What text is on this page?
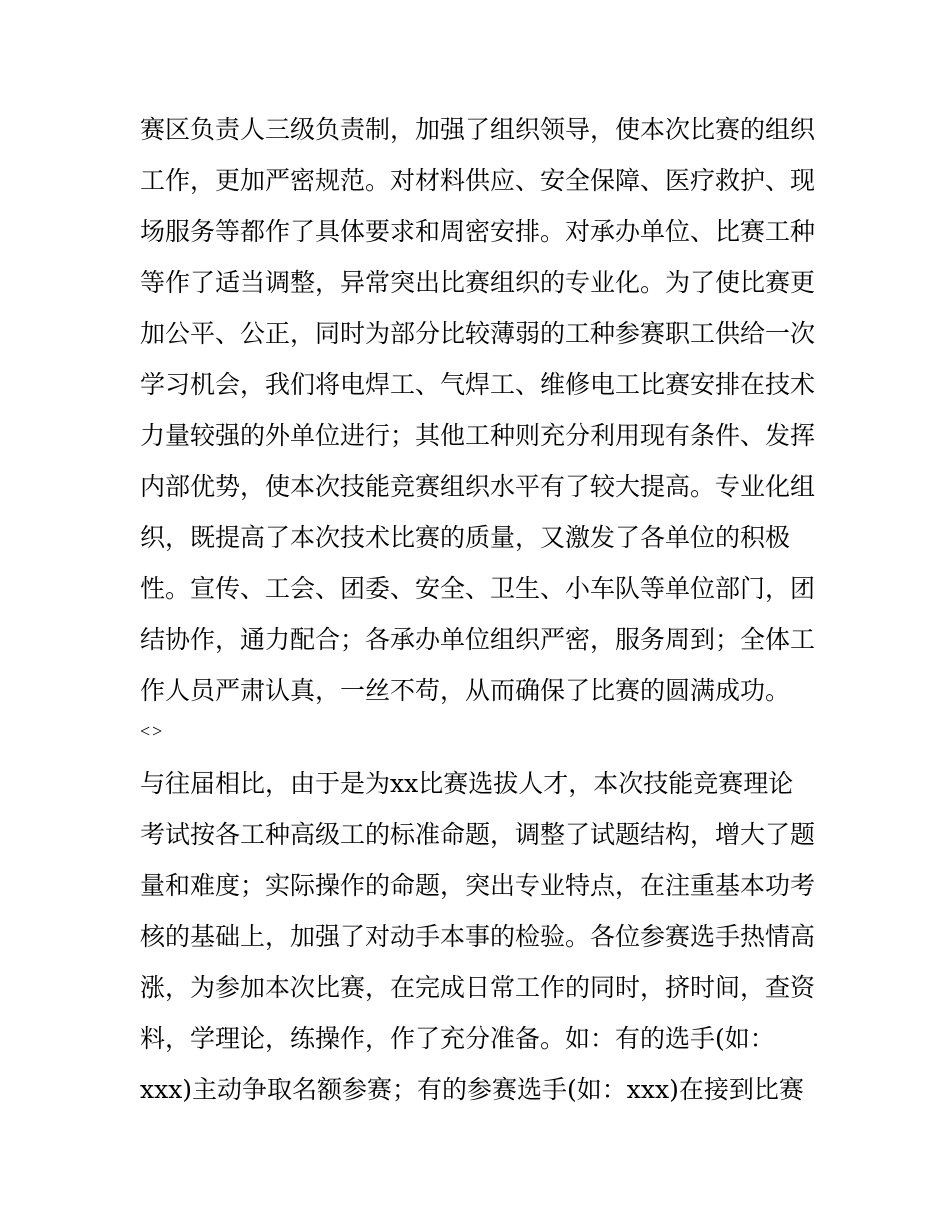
赛区负责人三级负责制，加强了组织领导，使本次比赛的组织
工作，更加严密规范。对材料供应、安全保障、医疗救护、现
场服务等都作了具体要求和周密安排。对承办单位、比赛工种
等作了适当调整，异常突出比赛组织的专业化。为了使比赛更
加公平、公正，同时为部分比较薄弱的工种参赛职工供给一次
学习机会，我们将电焊工、气焊工、维修电工比赛安排在技术
力量较强的外单位进行；其他工种则充分利用现有条件、发挥
内部优势，使本次技能竞赛组织水平有了较大提高。专业化组
织，既提高了本次技术比赛的质量，又激发了各单位的积极
性。宣传、工会、团委、安全、卫生、小车队等单位部门，团
结协作，通力配合；各承办单位组织严密，服务周到；全体工
作人员严肃认真，一丝不苟，从而确保了比赛的圆满成功。
<>
与往届相比，由于是为xx比赛选拔人才，本次技能竞赛理论
考试按各工种高级工的标准命题，调整了试题结构，增大了题
量和难度；实际操作的命题，突出专业特点，在注重基本功考
核的基础上，加强了对动手本事的检验。各位参赛选手热情高
涨，为参加本次比赛，在完成日常工作的同时，挤时间，查资
料，学理论，练操作，作了充分准备。如：有的选手(如：
xxx)主动争取名额参赛；有的参赛选手(如：xxx)在接到比赛
